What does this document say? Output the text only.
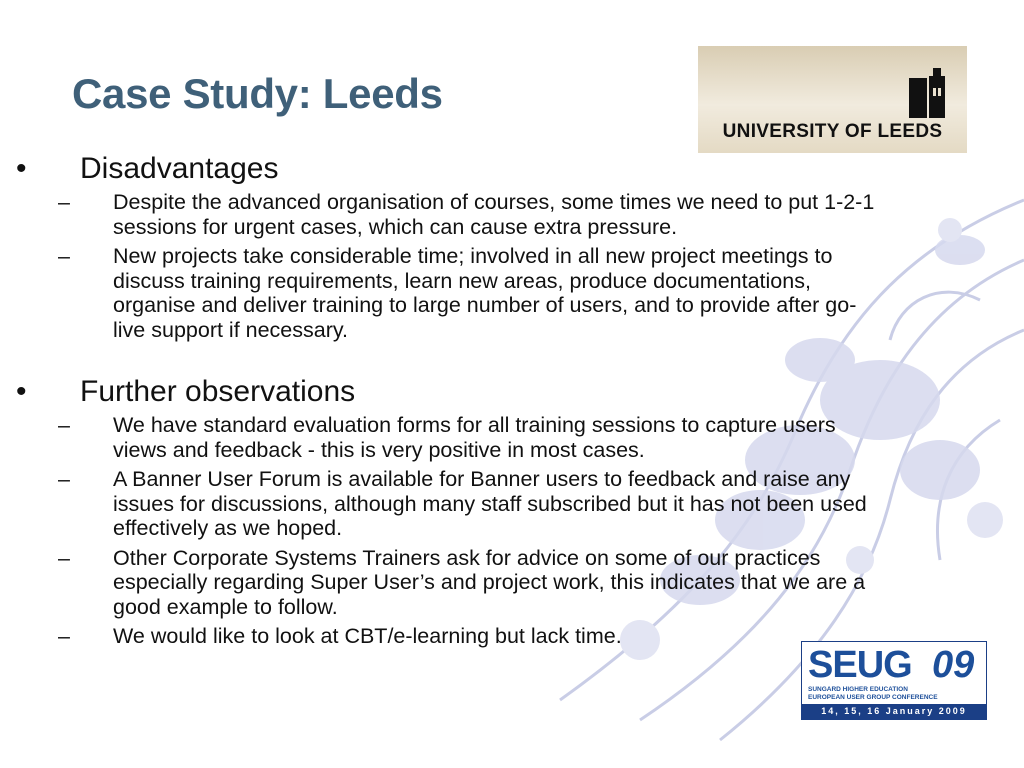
Case Study: Leeds
UNIVERSITY OF LEEDS
• Disadvantages
– Despite the advanced organisation of courses, some times we need to put 1-2-1 sessions for urgent cases, which can cause extra pressure.
– New projects take considerable time; involved in all new project meetings to discuss training requirements, learn new areas, produce documentations, organise and deliver training to large number of users, and to provide after go-live support if necessary.
• Further observations
– We have standard evaluation forms for all training sessions to capture users views and feedback - this is very positive in most cases.
– A Banner User Forum is available for Banner users to feedback and raise any issues for discussions, although many staff subscribed but it has not been used effectively as we hoped.
– Other Corporate Systems Trainers ask for advice on some of our practices especially regarding Super User’s and project work, this indicates that we are a good example to follow.
– We would like to look at CBT/e-learning but lack time.
SEUG 09
SUNGARD HIGHER EDUCATION
EUROPEAN USER GROUP CONFERENCE
14, 15, 16 January 2009
